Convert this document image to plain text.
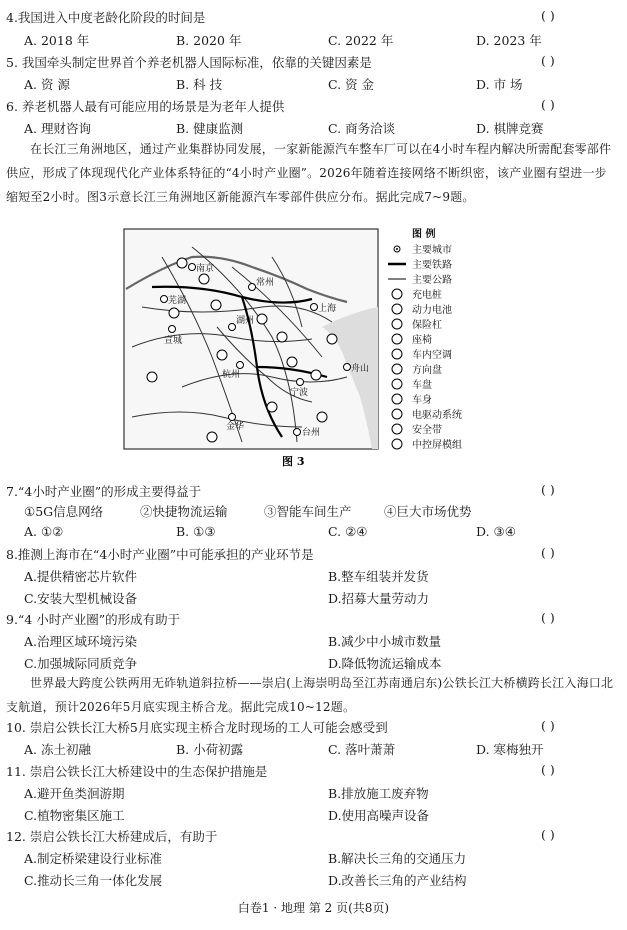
4.我国进入中度老龄化阶段的时间是	( )
A. 2018 年	B. 2020 年	C. 2022 年	D. 2023 年
5. 我国牵头制定世界首个养老机器人国际标准，依靠的关键因素是	( )
A. 资 源	B. 科 技	C. 资 金	D. 市 场
6. 养老机器人最有可能应用的场景是为老年人提供	( )
A. 理财咨询	B. 健康监测	C. 商务洽谈	D. 棋牌竞赛
在长江三角洲地区，通过产业集群协同发展，一家新能源汽车整车厂可以在4小时车程内解决所需配套零部件供应，形成了体现现代化产业体系特征的“4小时产业圈”。2026年随着连接网络不断织密，该产业圈有望进一步缩短至2小时。图3示意长江三角洲地区新能源汽车零部件供应分布。据此完成7~9题。
南京
芜湖
宣城
湖州
杭州
宁波
金华
台州
常州
上海
舟山
图 3
图 例
主要城市
主要铁路
主要公路
充电桩
动力电池
保险杠
座椅
车内空调
方向盘
车盘
车身
电驱动系统
安全带
中控屏模组
7.“4小时产业圈”的形成主要得益于	( )
①5G信息网络	②快捷物流运输	③智能车间生产	④巨大市场优势
A. ①②	B. ①③	C. ②④	D. ③④
8.推测上海市在“4小时产业圈”中可能承担的产业环节是	( )
A.提供精密芯片软件	B.整车组装并发货
C.安装大型机械设备	D.招募大量劳动力
9.“4 小时产业圈”的形成有助于	( )
A.治理区域环境污染	B.减少中小城市数量
C.加强城际同质竞争	D.降低物流运输成本
世界最大跨度公铁两用无砟轨道斜拉桥——崇启(上海崇明岛至江苏南通启东)公铁长江大桥横跨长江入海口北支航道，预计2026年5月底实现主桥合龙。据此完成10~12题。
10. 崇启公铁长江大桥5月底实现主桥合龙时现场的工人可能会感受到	( )
A. 冻土初融	B. 小荷初露	C. 落叶萧萧	D. 寒梅独开
11. 崇启公铁长江大桥建设中的生态保护措施是	( )
A.避开鱼类洄游期	B.排放施工废弃物
C.植物密集区施工	D.使用高噪声设备
12. 崇启公铁长江大桥建成后，有助于	( )
A.制定桥梁建设行业标准	B.解决长三角的交通压力
C.推动长三角一体化发展	D.改善长三角的产业结构
白卷1 · 地理 第 2 页(共8页)
